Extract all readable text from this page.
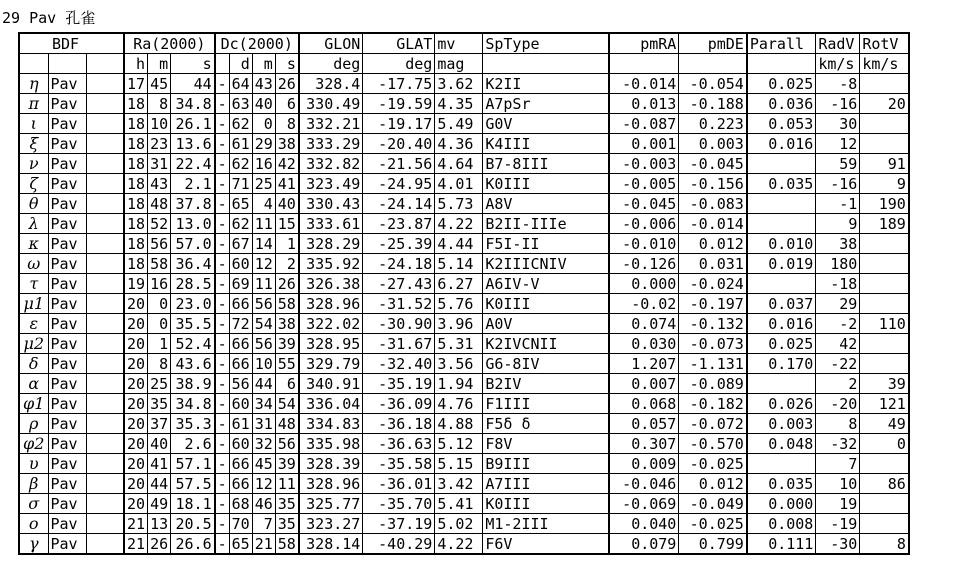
29 Pav 孔雀
BDF			Ra(2000)			Dc(2000)				GLON	GLAT	mv	SpType	pmRA	pmDE	Parall	RadV	RotV
			h	m	s		d	m	s	deg	deg	mag					km/s	km/s
η	Pav		17	45	44	-	64	43	26	328.4	-17.75	3.62	K2II	-0.014	-0.054	0.025	-8	
π	Pav		18	8	34.8	-	63	40	6	330.49	-19.59	4.35	A7pSr	0.013	-0.188	0.036	-16	20
ι	Pav		18	10	26.1	-	62	0	8	332.21	-19.17	5.49	G0V	-0.087	0.223	0.053	30	
ξ	Pav		18	23	13.6	-	61	29	38	333.29	-20.40	4.36	K4III	0.001	0.003	0.016	12	
ν	Pav		18	31	22.4	-	62	16	42	332.82	-21.56	4.64	B7-8III	-0.003	-0.045		59	91
ζ	Pav		18	43	2.1	-	71	25	41	323.49	-24.95	4.01	K0III	-0.005	-0.156	0.035	-16	9
θ	Pav		18	48	37.8	-	65	4	40	330.43	-24.14	5.73	A8V	-0.045	-0.083		-1	190
λ	Pav		18	52	13.0	-	62	11	15	333.61	-23.87	4.22	B2II-IIIe	-0.006	-0.014		9	189
κ	Pav		18	56	57.0	-	67	14	1	328.29	-25.39	4.44	F5I-II	-0.010	0.012	0.010	38	
ω	Pav		18	58	36.4	-	60	12	2	335.92	-24.18	5.14	K2IIICNIV	-0.126	0.031	0.019	180	
τ	Pav		19	16	28.5	-	69	11	26	326.38	-27.43	6.27	A6IV-V	0.000	-0.024		-18	
μ1	Pav		20	0	23.0	-	66	56	58	328.96	-31.52	5.76	K0III	-0.02	-0.197	0.037	29	
ε	Pav		20	0	35.5	-	72	54	38	322.02	-30.90	3.96	A0V	0.074	-0.132	0.016	-2	110
μ2	Pav		20	1	52.4	-	66	56	39	328.95	-31.67	5.31	K2IVCNII	0.030	-0.073	0.025	42	
δ	Pav		20	8	43.6	-	66	10	55	329.79	-32.40	3.56	G6-8IV	1.207	-1.131	0.170	-22	
α	Pav		20	25	38.9	-	56	44	6	340.91	-35.19	1.94	B2IV	0.007	-0.089		2	39
φ1	Pav		20	35	34.8	-	60	34	54	336.04	-36.09	4.76	F1III	0.068	-0.182	0.026	-20	121
ρ	Pav		20	37	35.3	-	61	31	48	334.83	-36.18	4.88	F5δ δ	0.057	-0.072	0.003	8	49
φ2	Pav		20	40	2.6	-	60	32	56	335.98	-36.63	5.12	F8V	0.307	-0.570	0.048	-32	0
υ	Pav		20	41	57.1	-	66	45	39	328.39	-35.58	5.15	B9III	0.009	-0.025		7	
β	Pav		20	44	57.5	-	66	12	11	328.96	-36.01	3.42	A7III	-0.046	0.012	0.035	10	86
σ	Pav		20	49	18.1	-	68	46	35	325.77	-35.70	5.41	K0III	-0.069	-0.049	0.000	19	
ο	Pav		21	13	20.5	-	70	7	35	323.27	-37.19	5.02	M1-2III	0.040	-0.025	0.008	-19	
γ	Pav		21	26	26.6	-	65	21	58	328.14	-40.29	4.22	F6V	0.079	0.799	0.111	-30	8
